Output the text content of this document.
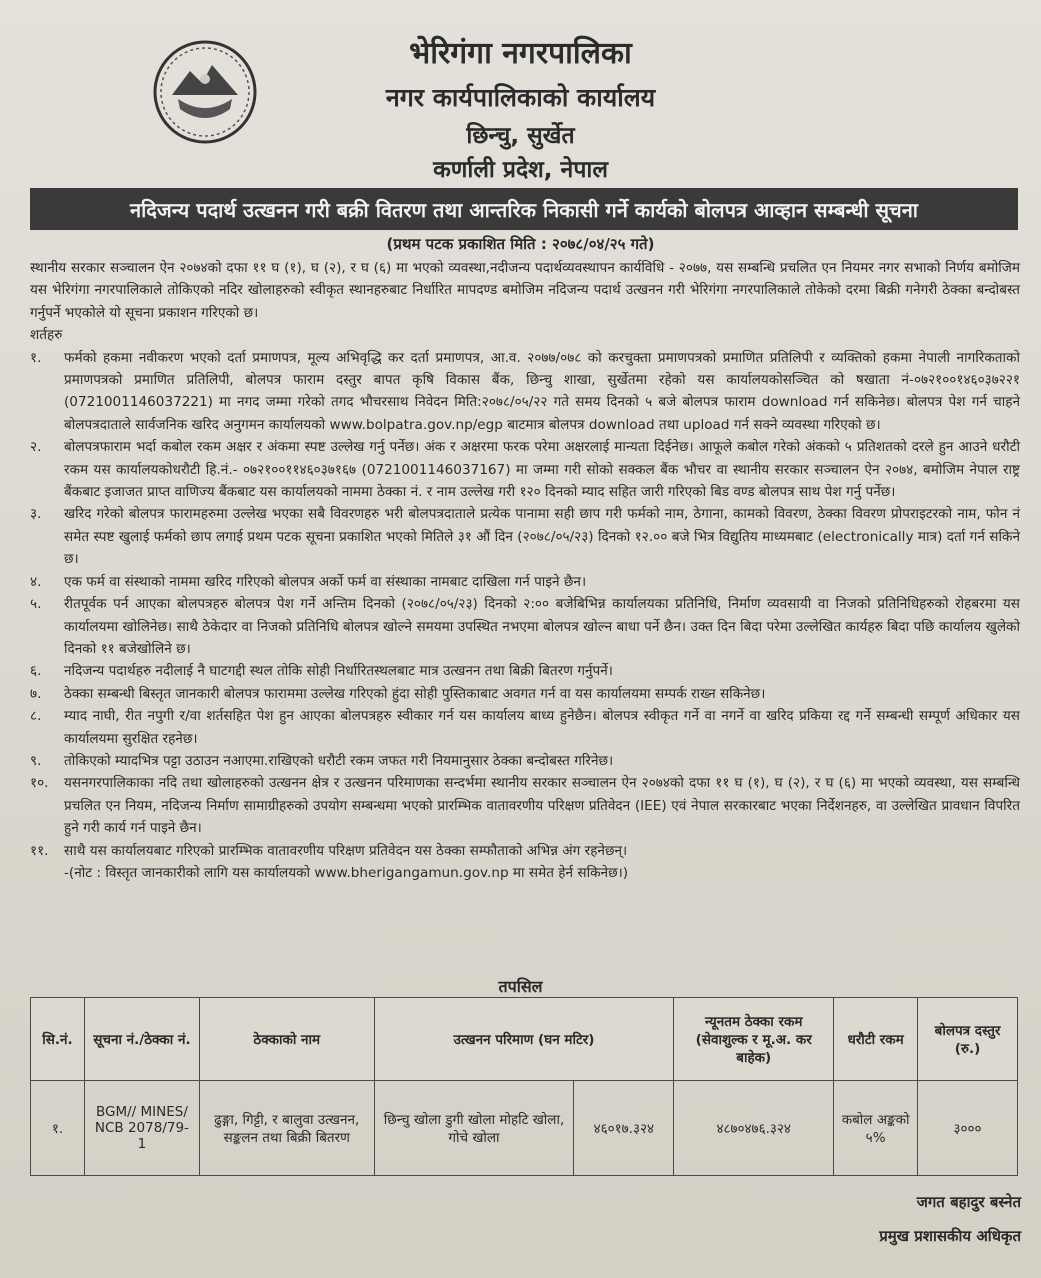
भेरिगंगा नगरपालिका
नगर कार्यपालिकाको कार्यालय
छिन्चु, सुर्खेत
कर्णाली प्रदेश, नेपाल
नदिजन्य पदार्थ उत्खनन गरी बक्री वितरण तथा आन्तरिक निकासी गर्ने कार्यको बोलपत्र आव्हान सम्बन्धी सूचना
(प्रथम पटक प्रकाशित मिति : २०७८/०४/२५ गते)

स्थानीय सरकार सञ्चालन ऐन २०७४को दफा ११ घ (१), घ (२), र घ (६) मा भएको व्यवस्था,नदीजन्य पदार्थव्यवस्थापन कार्यविधि - २०७७, यस सम्बन्धि प्रचलित एन नियमर नगर सभाको निर्णय बमोजिम यस भेरिगंगा नगरपालिकाले तोकिएको नदिर खोलाहरुको स्वीकृत स्थानहरुबाट निर्धारित मापदण्ड बमोजिम नदिजन्य पदार्थ उत्खनन गरी भेरिगंगा नगरपालिकाले तोकेको दरमा बिक्री गनेगरी ठेक्का बन्दोबस्त गर्नुपर्ने भएकोले यो सूचना प्रकाशन गरिएको छ।

शर्तहरु

१.	फर्मको हकमा नवीकरण भएको दर्ता प्रमाणपत्र, मूल्य अभिवृद्धि कर दर्ता प्रमाणपत्र, आ.व. २०७७/०७८ को करचुक्ता प्रमाणपत्रको प्रमाणित प्रतिलिपी र व्यक्तिको हकमा नेपाली नागरिकताको प्रमाणपत्रको प्रमाणित प्रतिलिपी, बोलपत्र फाराम दस्तुर बापत कृषि विकास बैंक, छिन्चु शाखा, सुर्खेतमा रहेको यस कार्यालयकोसञ्चित को षखाता नं-०७२१००१४६०३७२२१ (0721001146037221) मा नगद जम्मा गरेको तगद भौचरसाथ निवेदन मिति:२०७८/०५/२२ गते समय दिनको ५ बजे बोलपत्र फाराम download गर्न सकिनेछ। बोलपत्र पेश गर्न चाहने बोलपत्रदाताले सार्वजनिक खरिद अनुगमन कार्यालयको www.bolpatra.gov.np/egp बाटमात्र बोलपत्र download तथा upload गर्न सक्ने व्यवस्था गरिएको छ।
२.	बोलपत्रफाराम भर्दा कबोल रकम अक्षर र अंकमा स्पष्ट उल्लेख गर्नु पर्नेछ। अंक र अक्षरमा फरक परेमा अक्षरलाई मान्यता दिईनेछ। आफूले कबोल गरेको अंकको ५ प्रतिशतको दरले हुन आउने धरौटी रकम यस कार्यालयकोधरौटी हि.नं.- ०७२१००११४६०३७१६७ (0721001146037167) मा जम्मा गरी सोको सक्कल बैंक भौचर वा स्थानीय सरकार सञ्चालन ऐन २०७४, बमोजिम नेपाल राष्ट्र बैंकबाट इजाजत प्राप्त वाणिज्य बैंकबाट यस कार्यालयको नाममा ठेक्का नं. र नाम उल्लेख गरी १२० दिनको म्याद सहित जारी गरिएको बिड वण्ड बोलपत्र साथ पेश गर्नु पर्नेछ।
३.	खरिद गरेको बोलपत्र फारामहरुमा उल्लेख भएका सबै विवरणहरु भरी बोलपत्रदाताले प्रत्येक पानामा सही छाप गरी फर्मको नाम, ठेगाना, कामको विवरण, ठेक्का विवरण प्रोपराइटरको नाम, फोन नं समेत स्पष्ट खुलाई फर्मको छाप लगाई प्रथम पटक सूचना प्रकाशित भएको मितिले ३१ औं दिन (२०७८/०५/२३) दिनको १२.०० बजे भित्र विद्युतिय माध्यमबाट (electronically मात्र) दर्ता गर्न सकिने छ।
४.	एक फर्म वा संस्थाको नाममा खरिद गरिएको बोलपत्र अर्को फर्म वा संस्थाका नामबाट दाखिला गर्न पाइने छैन।
५.	रीतपूर्वक पर्न आएका बोलपत्रहरु बोलपत्र पेश गर्ने अन्तिम दिनको (२०७८/०५/२३) दिनको २:०० बजेबिभिन्न कार्यालयका प्रतिनिधि, निर्माण व्यवसायी वा निजको प्रतिनिधिहरुको रोहबरमा यस कार्यालयमा खोलिनेछ। साथै ठेकेदार वा निजको प्रतिनिधि बोलपत्र खोल्ने समयमा उपस्थित नभएमा बोलपत्र खोल्न बाधा पर्ने छैन। उक्त दिन बिदा परेमा उल्लेखित कार्यहरु बिदा पछि कार्यालय खुलेको दिनको ११ बजेखोलिने छ।
६.	नदिजन्य पदार्थहरु नदीलाई नै घाटगद्दी स्थल तोकि सोही निर्धारितस्थलबाट मात्र उत्खनन तथा बिक्री बितरण गर्नुपर्ने।
७.	ठेक्का सम्बन्धी बिस्तृत जानकारी बोलपत्र फाराममा उल्लेख गरिएको हुंदा सोही पुस्तिकाबाट अवगत गर्न वा यस कार्यालयमा सम्पर्क राख्न सकिनेछ।
८.	म्याद नाघी, रीत नपुगी र/वा शर्तसहित पेश हुन आएका बोलपत्रहरु स्वीकार गर्न यस कार्यालय बाध्य हुनेछैन। बोलपत्र स्वीकृत गर्ने वा नगर्ने वा खरिद प्रकिया रद्द गर्ने सम्बन्धी सम्पूर्ण अधिकार यस कार्यालयमा सुरक्षित रहनेछ।
९.	तोकिएको म्यादभित्र पट्टा उठाउन नआएमा.राखिएको धरौटी रकम जफत गरी नियमानुसार ठेक्का बन्दोबस्त गरिनेछ।
१०.	यसनगरपालिकाका नदि तथा खोलाहरुको उत्खनन क्षेत्र र उत्खनन परिमाणका सन्दर्भमा स्थानीय सरकार सञ्चालन ऐन २०७४को दफा ११ घ (१), घ (२), र घ (६) मा भएको व्यवस्था, यस सम्बन्धि प्रचलित एन नियम, नदिजन्य निर्माण सामाग्रीहरुको उपयोग सम्बन्धमा भएको प्रारम्भिक वातावरणीय परिक्षण प्रतिवेदन (IEE) एवं नेपाल सरकारबाट भएका निर्देशनहरु, वा उल्लेखित प्रावधान विपरित हुने गरी कार्य गर्न पाइने छैन।
११.	साथै यस कार्यालयबाट गरिएको प्रारम्भिक वातावरणीय परिक्षण प्रतिवेदन यस ठेक्का सम्फौताको अभिन्न अंग रहनेछन्।

-(नोट : विस्तृत जानकारीको लागि यस कार्यालयको www.bherigangamun.gov.np मा समेत हेर्न सकिनेछ।)

तपसिल
सि.नं.	सूचना नं./ठेक्का नं.	ठेक्काको नाम	उत्खनन परिमाण (घन मटिर)		न्यूनतम ठेक्का रकम (सेवाशुल्क र मू.अ. कर बाहेक)	धरौटी रकम	बोलपत्र दस्तुर (रु.)
१.	BGM// MINES/ NCB 2078/79- 1	ढुङ्गा, गिट्टी, र बालुवा उत्खनन, सङ्कलन तथा बिक्री बितरण	छिन्चु खोला डुगी खोला मोहटि खोला, गोचे खोला	४६०१७.३२४	४८७०४७६.३२४	कबोल अङ्कको ५%	३०००
जगत बहादुर बस्नेत
प्रमुख प्रशासकीय अधिकृत
